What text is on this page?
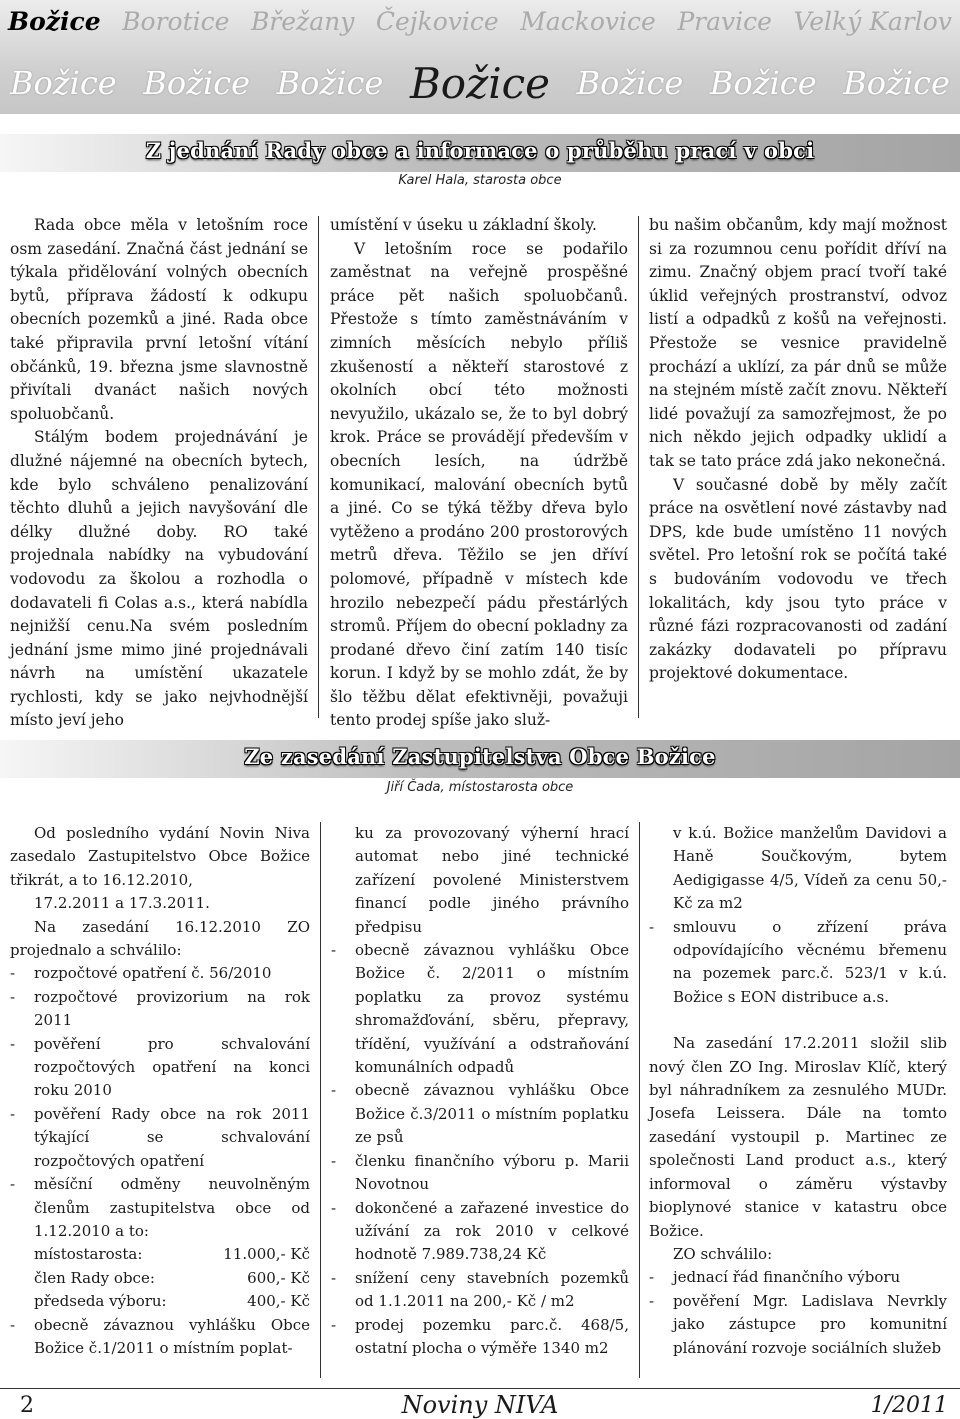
Božice Borotice Břežany Čejkovice Mackovice Pravice Velký Karlov
Božice Božice Božice Božice Božice Božice Božice
Z jednání Rady obce a informace o průběhu prací v obci
Karel Hala, starosta obce

Rada obce měla v letošním roce osm zasedání. Značná část jednání se týkala přidělování volných obecních bytů, příprava žádostí k odkupu obecních pozemků a jiné. Rada obce také připravila první letošní vítání občánků, 19. března jsme slavnostně přivítali dvanáct našich nových spoluobčanů.

Stálým bodem projednávání je dlužné nájemné na obecních bytech, kde bylo schváleno penalizování těchto dluhů a jejich navyšování dle délky dlužné doby. RO také projednala nabídky na vybudování vodovodu za školou a rozhodla o dodavateli fi Colas a.s., která nabídla nejnižší cenu.Na svém posledním jednání jsme mimo jiné projednávali návrh na umístění ukazatele rychlosti, kdy se jako nejvhodnější místo jeví jeho

umístění v úseku u základní školy.

V letošním roce se podařilo zaměstnat na veřejně prospěšné práce pět našich spoluobčanů. Přestože s tímto zaměstnáváním v zimních měsících nebylo příliš zkušeností a někteří starostové z okolních obcí této možnosti nevyužilo, ukázalo se, že to byl dobrý krok. Práce se provádějí především v obecních lesích, na údržbě komunikací, malování obecních bytů a jiné. Co se týká těžby dřeva bylo vytěženo a prodáno 200 prostorových metrů dřeva. Těžilo se jen dříví polomové, případně v místech kde hrozilo nebezpečí pádu přestárlých stromů. Příjem do obecní pokladny za prodané dřevo činí zatím 140 tisíc korun. I když by se mohlo zdát, že by šlo těžbu dělat efektivněji, považuji tento prodej spíše jako služ-

bu našim občanům, kdy mají možnost si za rozumnou cenu pořídit dříví na zimu. Značný objem prací tvoří také úklid veřejných prostranství, odvoz listí a odpadků z košů na veřejnosti. Přestože se vesnice pravidelně prochází a uklízí, za pár dnů se může na stejném místě začít znovu. Někteří lidé považují za samozřejmost, že po nich někdo jejich odpadky uklidí a tak se tato práce zdá jako nekonečná.

V současné době by měly začít práce na osvětlení nové zástavby nad DPS, kde bude umístěno 11 nových světel. Pro letošní rok se počítá také s budováním vodovodu ve třech lokalitách, kdy jsou tyto práce v různé fázi rozpracovanosti od zadání zakázky dodavateli po přípravu projektové dokumentace.

Ze zasedání Zastupitelstva Obce Božice
Jiří Čada, místostarosta obce

Od posledního vydání Novin Niva zasedalo Zastupitelstvo Obce Božice třikrát, a to 16.12.2010,

17.2.2011 a 17.3.2011.

Na zasedání 16.12.2010 ZO projednalo a schválilo:

- rozpočtové opatření č. 56/2010
- rozpočtové provizorium na rok 2011
- pověření pro schvalování rozpočtových opatření na konci roku 2010
- pověření Rady obce na rok 2011 týkající se schvalování rozpočtových opatření
- měsíční odměny neuvolněným členům zastupitelstva obce od 1.12.2010 a to:
místostarosta:	11.000,- Kč
člen Rady obce:	600,- Kč
předseda výboru:	400,- Kč
- obecně závaznou vyhlášku Obce Božice č.1/2011 o místním poplat-

ku za provozovaný výherní hrací automat nebo jiné technické zařízení povolené Ministerstvem financí podle jiného právního předpisu

- obecně závaznou vyhlášku Obce Božice č. 2/2011 o místním poplatku za provoz systému shromažďování, sběru, přepravy, třídění, využívání a odstraňování komunálních odpadů
- obecně závaznou vyhlášku Obce Božice č.3/2011 o místním poplatku ze psů
- členku finančního výboru p. Marii Novotnou
- dokončené a zařazené investice do užívání za rok 2010 v celkové hodnotě 7.989.738,24 Kč
- snížení ceny stavebních pozemků od 1.1.2011 na 200,- Kč / m2
- prodej pozemku parc.č. 468/5, ostatní plocha o výměře 1340 m2

v k.ú. Božice manželům Davidovi a Haně Součkovým, bytem Aedigigasse 4/5, Vídeň za cenu 50,- Kč za m2

- smlouvu o zřízení práva odpovídajícího věcnému břemenu na pozemek parc.č. 523/1 v k.ú. Božice s EON distribuce a.s.

Na zasedání 17.2.2011 složil slib nový člen ZO Ing. Miroslav Klíč, který byl náhradníkem za zesnulého MUDr. Josefa Leissera. Dále na tomto zasedání vystoupil p. Martinec ze společnosti Land product a.s., který informoval o záměru výstavby bioplynové stanice v katastru obce Božice.

ZO schválilo:

- jednací řád finančního výboru
- pověření Mgr. Ladislava Nevrkly jako zástupce pro komunitní plánování rozvoje sociálních služeb
2	Noviny NIVA	1/2011
